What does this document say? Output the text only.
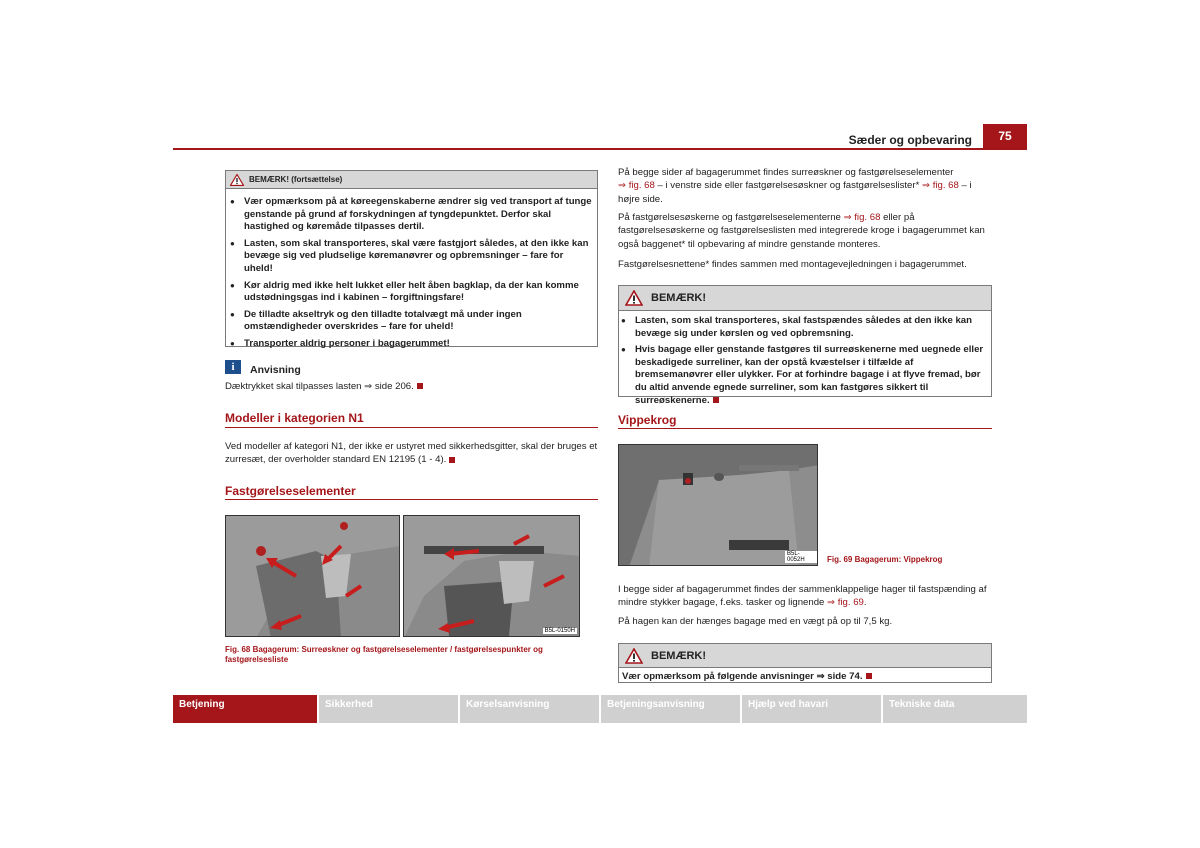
Sæder og opbevaring	75
BEMÆRK! (fortsættelse)
● Vær opmærksom på at køreegenskaberne ændrer sig ved transport af tunge genstande på grund af forskydningen af tyngdepunktet. Derfor skal hastighed og køremåde tilpasses dertil.
● Lasten, som skal transporteres, skal være fastgjort således, at den ikke kan bevæge sig ved pludselige køremanøvrer og opbremsninger – fare for uheld!
● Kør aldrig med ikke helt lukket eller helt åben bagklap, da der kan komme udstødningsgas ind i kabinen – forgiftningsfare!
● De tilladte akseltryk og den tilladte totalvægt må under ingen omstændigheder overskrides – fare for uheld!
● Transporter aldrig personer i bagagerummet!
i	Anvisning
Dæktrykket skal tilpasses lasten ⇒ side 206.
Modeller i kategorien N1
Ved modeller af kategori N1, der ikke er ustyret med sikkerhedsgitter, skal der bruges et zurresæt, der overholder standard EN 12195 (1 - 4).
Fastgørelseselementer
B5L-0150H
Fig. 68 Bagagerum: Surreøskner og fastgørelseselementer / fastgørelsespunkter og fastgørelsesliste
På begge sider af bagagerummet findes surreøskner og fastgørelseselementer
⇒ fig. 68 – i venstre side eller fastgørelsesøskner og fastgørelseslister* ⇒ fig. 68 – i højre side.
På fastgørelsesøskerne og fastgørelseselementerne ⇒ fig. 68 eller på fastgørelsesøskerne og fastgørelseslisten med integrerede kroge i bagagerummet kan også baggenet* til opbevaring af mindre genstande monteres.
Fastgørelsesnettene* findes sammen med montagevejledningen i bagagerummet.
BEMÆRK!
● Lasten, som skal transporteres, skal fastspændes således at den ikke kan bevæge sig under kørslen og ved opbremsning.
● Hvis bagage eller genstande fastgøres til surreøskenerne med uegnede eller beskadigede surreliner, kan der opstå kvæstelser i tilfælde af bremsemanøvrer eller ulykker. For at forhindre bagage i at flyve fremad, bør du altid anvende egnede surreliner, som kan fastgøres sikkert til surreøskenerne.
Vippekrog
B5L-0052H	Fig. 69 Bagagerum: Vippekrog
I begge sider af bagagerummet findes der sammenklappelige hager til fastspænding af mindre stykker bagage, f.eks. tasker og lignende ⇒ fig. 69.
På hagen kan der hænges bagage med en vægt på op til 7,5 kg.
BEMÆRK!
Vær opmærksom på følgende anvisninger ⇒ side 74.
Betjening	Sikkerhed	Kørselsanvisning	Betjeningsanvisning	Hjælp ved havari	Tekniske data
